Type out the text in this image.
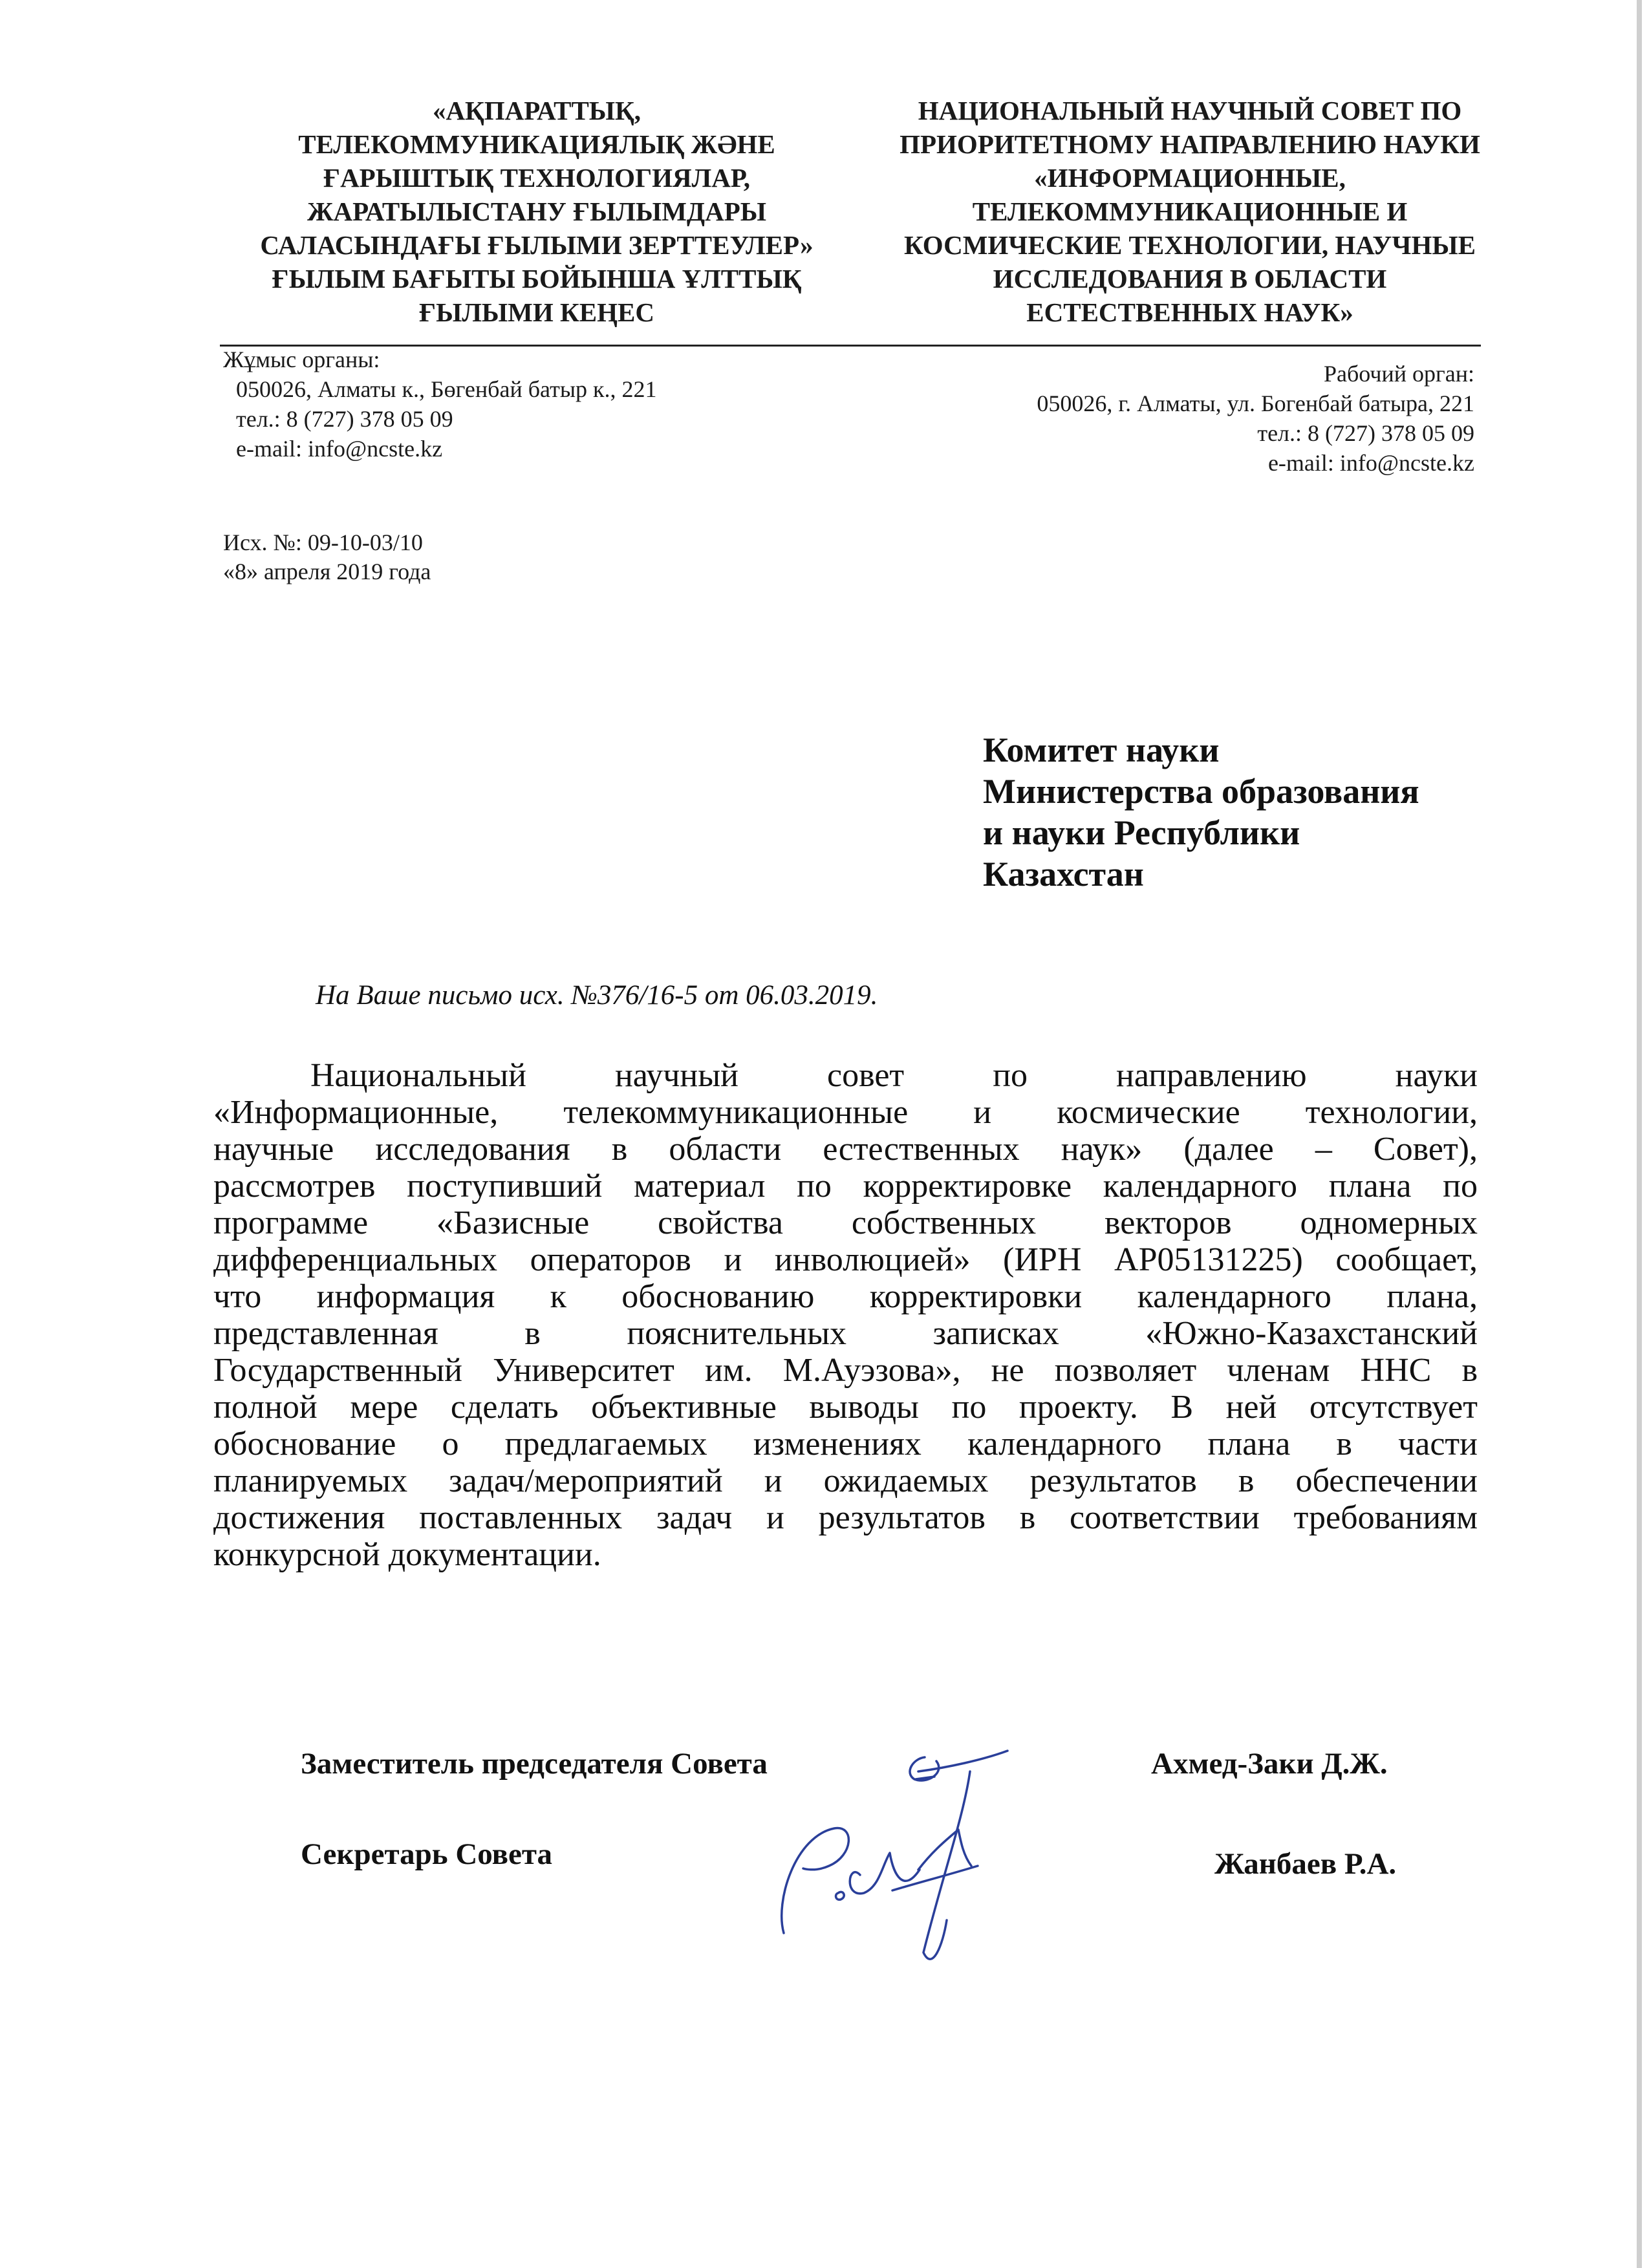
«АҚПАРАТТЫҚ,
ТЕЛЕКОММУНИКАЦИЯЛЫҚ ЖӘНЕ
ҒАРЫШТЫҚ ТЕХНОЛОГИЯЛАР,
ЖАРАТЫЛЫСТАНУ ҒЫЛЫМДАРЫ
САЛАСЫНДАҒЫ ҒЫЛЫМИ ЗЕРТТЕУЛЕР»
ҒЫЛЫМ БАҒЫТЫ БОЙЫНША ҰЛТТЫҚ
ҒЫЛЫМИ КЕҢЕС
НАЦИОНАЛЬНЫЙ НАУЧНЫЙ СОВЕТ ПО
ПРИОРИТЕТНОМУ НАПРАВЛЕНИЮ НАУКИ
«ИНФОРМАЦИОННЫЕ,
ТЕЛЕКОММУНИКАЦИОННЫЕ И
КОСМИЧЕСКИЕ ТЕХНОЛОГИИ, НАУЧНЫЕ
ИССЛЕДОВАНИЯ В ОБЛАСТИ
ЕСТЕСТВЕННЫХ НАУК»
Жұмыс органы:
050026, Алматы к., Бөгенбай батыр к., 221
тел.: 8 (727) 378 05 09
e-mail: info@ncste.kz
Рабочий орган:
050026, г. Алматы, ул. Богенбай батыра, 221
тел.: 8 (727) 378 05 09
e-mail: info@ncste.kz
Исх. №: 09-10-03/10
«8» апреля 2019 года
Комитет науки
Министерства образования
и науки Республики
Казахстан
На Ваше письмо исх. №376/16-5 от 06.03.2019.
Национальный научный совет по направлению науки
«Информационные, телекоммуникационные и космические технологии,
научные исследования в области естественных наук» (далее – Совет),
рассмотрев поступивший материал по корректировке календарного плана по
программе «Базисные свойства собственных векторов одномерных
дифференциальных операторов и инволюцией» (ИРН АР05131225) сообщает,
что информация к обоснованию корректировки календарного плана,
представленная в пояснительных записках «Южно-Казахстанский
Государственный Университет им. М.Ауэзова», не позволяет членам ННС в
полной мере сделать объективные выводы по проекту. В ней отсутствует
обоснование о предлагаемых изменениях календарного плана в части
планируемых задач/мероприятий и ожидаемых результатов в обеспечении
достижения поставленных задач и результатов в соответствии требованиям
конкурсной документации.
Заместитель председателя Совета	Ахмед-Заки Д.Ж.
Секретарь Совета	Жанбаев Р.А.
